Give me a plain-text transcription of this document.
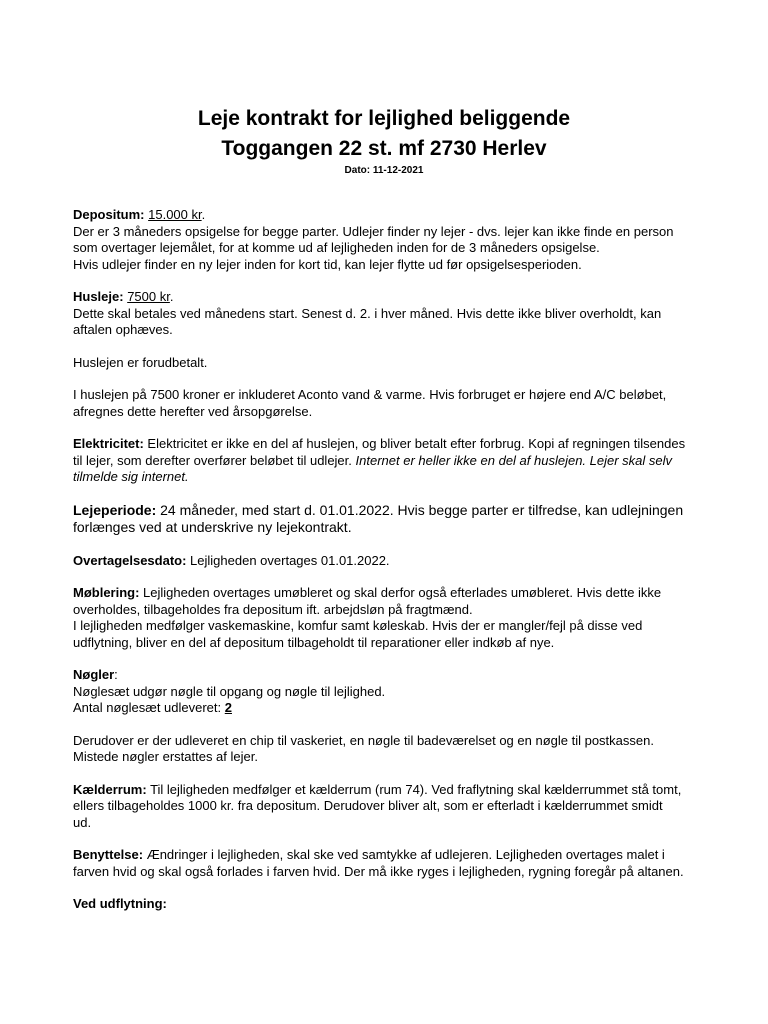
Leje kontrakt for lejlighed beliggende
Toggangen 22 st. mf 2730 Herlev
Dato: 11-12-2021

Depositum: 15.000 kr.
Der er 3 måneders opsigelse for begge parter. Udlejer finder ny lejer - dvs. lejer kan ikke finde en person
som overtager lejemålet, for at komme ud af lejligheden inden for de 3 måneders opsigelse.
Hvis udlejer finder en ny lejer inden for kort tid, kan lejer flytte ud før opsigelsesperioden.

Husleje: 7500 kr.
Dette skal betales ved månedens start. Senest d. 2. i hver måned. Hvis dette ikke bliver overholdt, kan
aftalen ophæves.

Huslejen er forudbetalt.

I huslejen på 7500 kroner er inkluderet Aconto vand & varme. Hvis forbruget er højere end A/C beløbet,
afregnes dette herefter ved årsopgørelse.

Elektricitet: Elektricitet er ikke en del af huslejen, og bliver betalt efter forbrug. Kopi af regningen tilsendes
til lejer, som derefter overfører beløbet til udlejer. Internet er heller ikke en del af huslejen. Lejer skal selv
tilmelde sig internet.

Lejeperiode: 24 måneder, med start d. 01.01.2022. Hvis begge parter er tilfredse, kan udlejningen
forlænges ved at underskrive ny lejekontrakt.

Overtagelsesdato: Lejligheden overtages 01.01.2022.

Møblering: Lejligheden overtages umøbleret og skal derfor også efterlades umøbleret. Hvis dette ikke
overholdes, tilbageholdes fra depositum ift. arbejdsløn på fragtmænd.
I lejligheden medfølger vaskemaskine, komfur samt køleskab. Hvis der er mangler/fejl på disse ved
udflytning, bliver en del af depositum tilbageholdt til reparationer eller indkøb af nye.

Nøgler:
Nøglesæt udgør nøgle til opgang og nøgle til lejlighed.
Antal nøglesæt udleveret: 2

Derudover er der udleveret en chip til vaskeriet, en nøgle til badeværelset og en nøgle til postkassen.
Mistede nøgler erstattes af lejer.

Kælderrum: Til lejligheden medfølger et kælderrum (rum 74). Ved fraflytning skal kælderrummet stå tomt,
ellers tilbageholdes 1000 kr. fra depositum. Derudover bliver alt, som er efterladt i kælderrummet smidt
ud.

Benyttelse: Ændringer i lejligheden, skal ske ved samtykke af udlejeren. Lejligheden overtages malet i
farven hvid og skal også forlades i farven hvid. Der må ikke ryges i lejligheden, rygning foregår på altanen.

Ved udflytning:
